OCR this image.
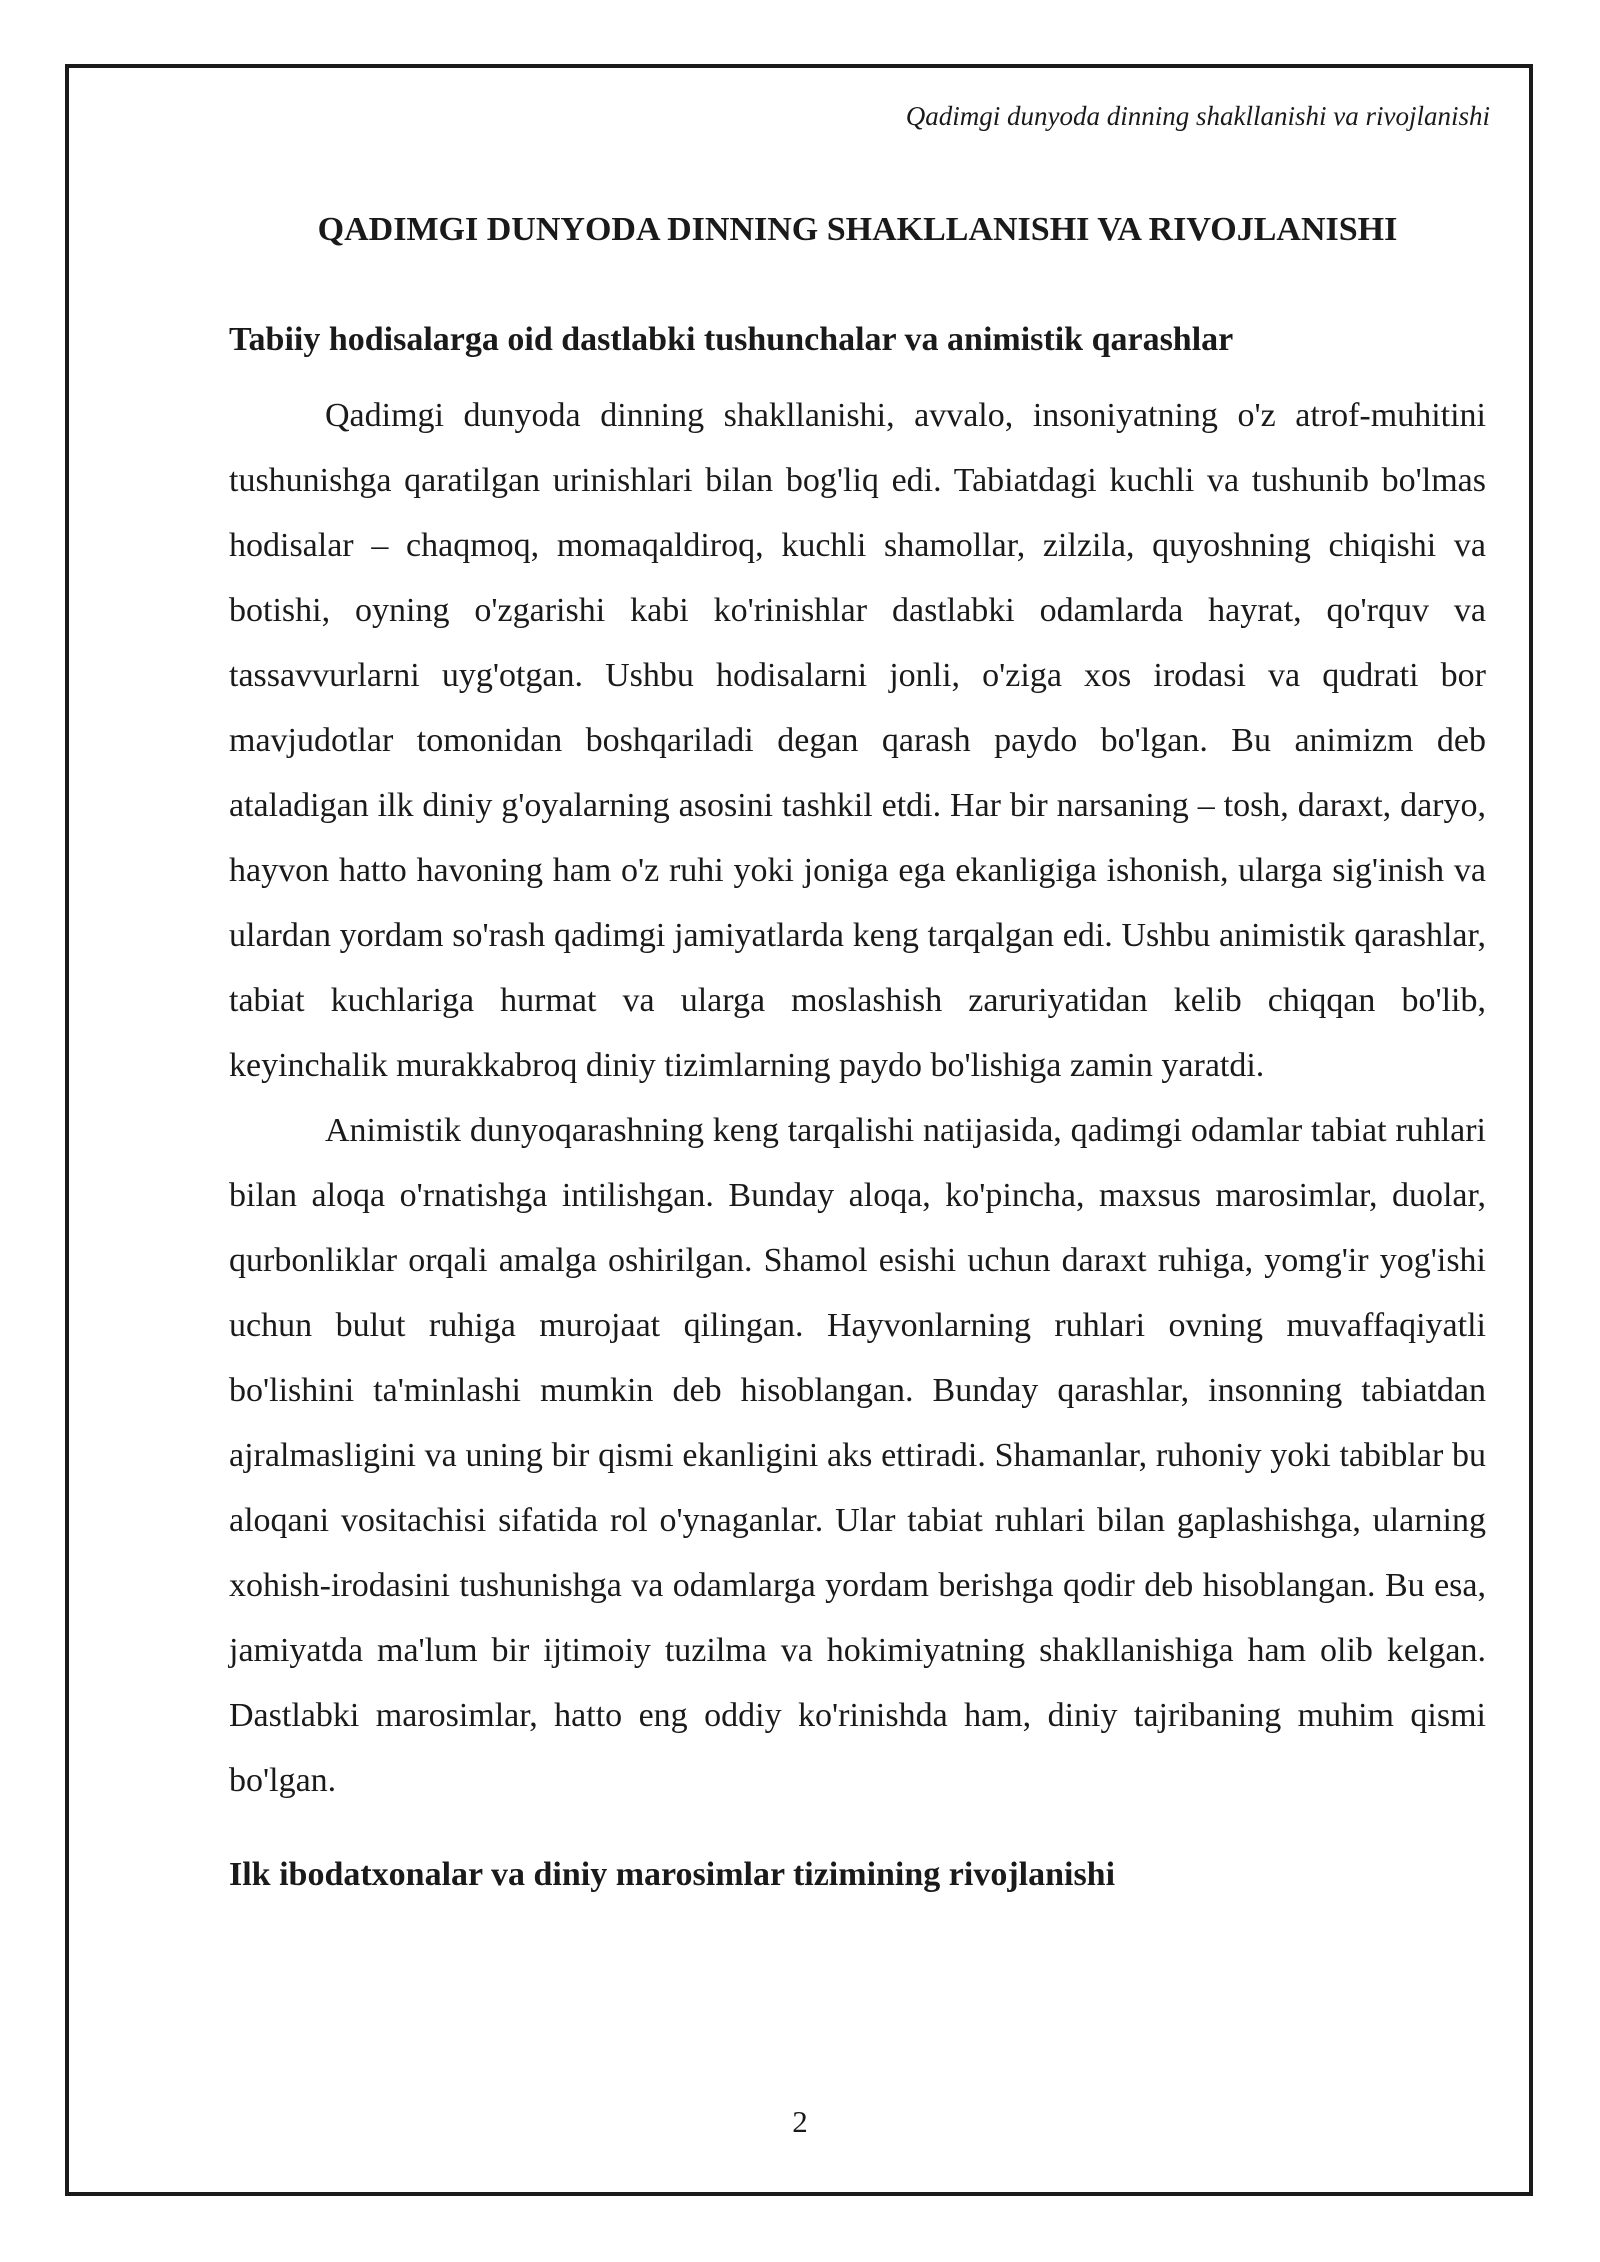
Qadimgi dunyoda dinning shakllanishi va rivojlanishi
QADIMGI DUNYODA DINNING SHAKLLANISHI VA RIVOJLANISHI
Tabiiy hodisalarga oid dastlabki tushunchalar va animistik qarashlar

Qadimgi dunyoda dinning shakllanishi, avvalo, insoniyatning o'z atrof-muhitini tushunishga qaratilgan urinishlari bilan bog'liq edi. Tabiatdagi kuchli va tushunib bo'lmas hodisalar – chaqmoq, momaqaldiroq, kuchli shamollar, zilzila, quyoshning chiqishi va botishi, oyning o'zgarishi kabi ko'rinishlar dastlabki odamlarda hayrat, qo'rquv va tassavvurlarni uyg'otgan. Ushbu hodisalarni jonli, o'ziga xos irodasi va qudrati bor mavjudotlar tomonidan boshqariladi degan qarash paydo bo'lgan. Bu animizm deb ataladigan ilk diniy g'oyalarning asosini tashkil etdi. Har bir narsaning – tosh, daraxt, daryo, hayvon hatto havoning ham o'z ruhi yoki joniga ega ekanligiga ishonish, ularga sig'inish va ulardan yordam so'rash qadimgi jamiyatlarda keng tarqalgan edi. Ushbu animistik qarashlar, tabiat kuchlariga hurmat va ularga moslashish zaruriyatidan kelib chiqqan bo'lib, keyinchalik murakkabroq diniy tizimlarning paydo bo'lishiga zamin yaratdi.

Animistik dunyoqarashning keng tarqalishi natijasida, qadimgi odamlar tabiat ruhlari bilan aloqa o'rnatishga intilishgan. Bunday aloqa, ko'pincha, maxsus marosimlar, duolar, qurbonliklar orqali amalga oshirilgan. Shamol esishi uchun daraxt ruhiga, yomg'ir yog'ishi uchun bulut ruhiga murojaat qilingan. Hayvonlarning ruhlari ovning muvaffaqiyatli bo'lishini ta'minlashi mumkin deb hisoblangan. Bunday qarashlar, insonning tabiatdan ajralmasligini va uning bir qismi ekanligini aks ettiradi. Shamanlar, ruhoniy yoki tabiblar bu aloqani vositachisi sifatida rol o'ynaganlar. Ular tabiat ruhlari bilan gaplashishga, ularning xohish-irodasini tushunishga va odamlarga yordam berishga qodir deb hisoblangan. Bu esa, jamiyatda ma'lum bir ijtimoiy tuzilma va hokimiyatning shakllanishiga ham olib kelgan. Dastlabki marosimlar, hatto eng oddiy ko'rinishda ham, diniy tajribaning muhim qismi bo'lgan.

Ilk ibodatxonalar va diniy marosimlar tizimining rivojlanishi
2
